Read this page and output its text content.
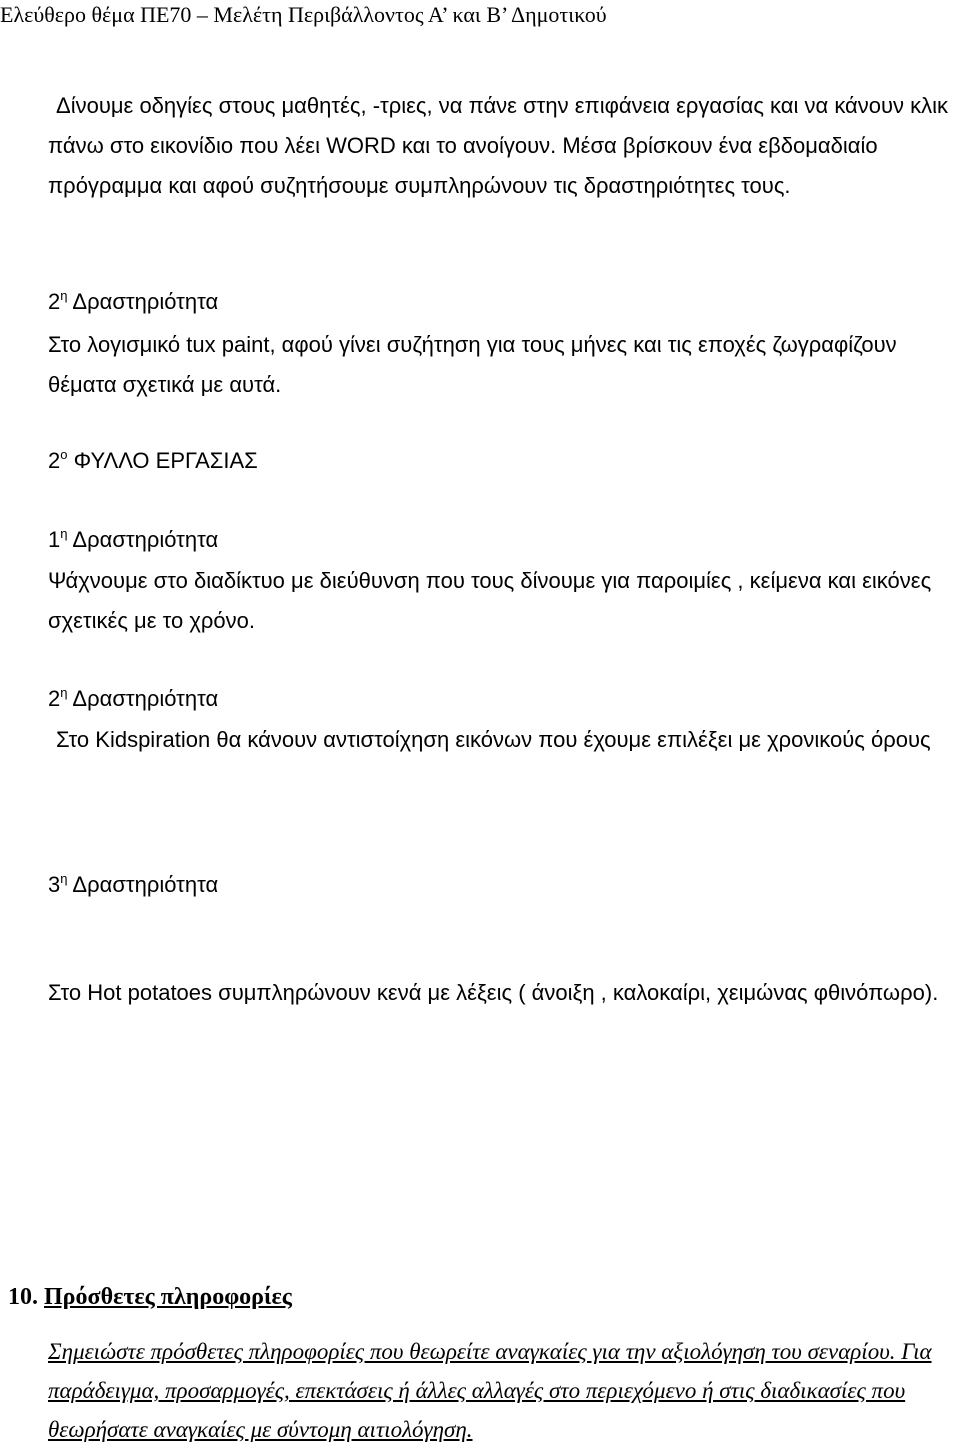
Ελεύθερο θέμα ΠΕ70 – Μελέτη Περιβάλλοντος Α’ και Β’ Δημοτικού

Δίνουμε οδηγίες στους μαθητές, -τριες, να πάνε στην επιφάνεια εργασίας και να κάνουν κλικ πάνω στο εικονίδιο που λέει WORD και το ανοίγουν. Μέσα βρίσκουν ένα εβδομαδιαίο πρόγραμμα και αφού συζητήσουμε συμπληρώνουν τις δραστηριότητες τους.

$2^\eta$ Δραστηριότητα

Στο λογισμικό tux paint, αφού γίνει συζήτηση για τους μήνες και τις εποχές ζωγραφίζουν θέματα σχετικά με αυτά.

$2^o$ ΦΥΛΛΟ ΕΡΓΑΣΙΑΣ
$1^\eta$ Δραστηριότητα

Ψάχνουμε στο διαδίκτυο με διεύθυνση που τους δίνουμε για παροιμίες , κείμενα και εικόνες σχετικές με το χρόνο.

$2^\eta$ Δραστηριότητα

Στο Kidspiration θα κάνουν αντιστοίχηση εικόνων που έχουμε επιλέξει με χρονικούς όρους

$3^\eta$ Δραστηριότητα

Στο Hot potatoes συμπληρώνουν κενά με λέξεις ( άνοιξη , καλοκαίρι, χειμώνας φθινόπωρο).

10. Πρόσθετες πληροφορίες

Σημειώστε πρόσθετες πληροφορίες που θεωρείτε αναγκαίες για την αξιολόγηση του σεναρίου. Για παράδειγμα, προσαρμογές, επεκτάσεις ή άλλες αλλαγές στο περιεχόμενο ή στις διαδικασίες που θεωρήσατε αναγκαίες με σύντομη αιτιολόγηση.
